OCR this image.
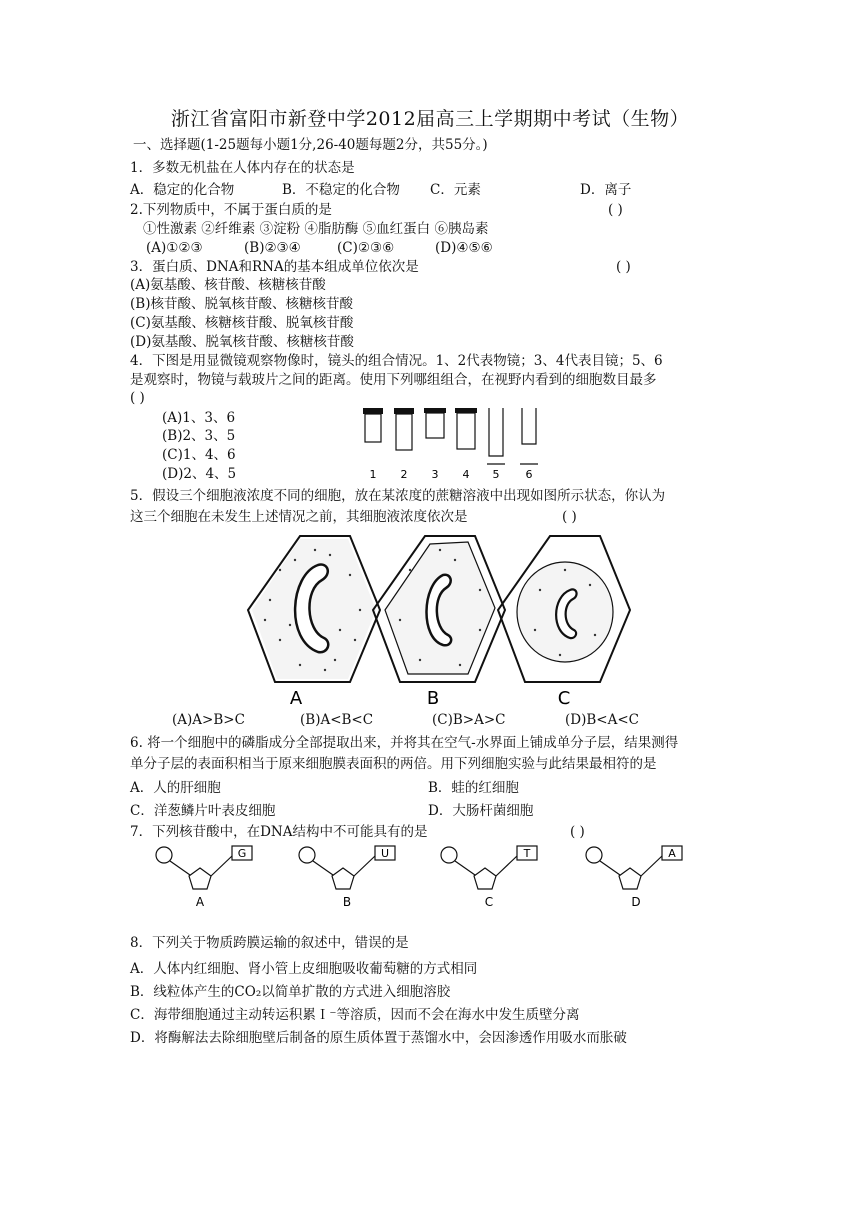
浙江省富阳市新登中学2012届高三上学期期中考试（生物）
一、选择题(1-25题每小题1分,26-40题每题2分，共55分。)
1．多数无机盐在人体内存在的状态是
A．稳定的化合物	B．不稳定的化合物 C．元素	D．离子
2.下列物质中，不属于蛋白质的是	( )
①性激素 ②纤维素 ③淀粉 ④脂肪酶 ⑤血红蛋白 ⑥胰岛素
(A)①②③	(B)②③④	(C)②③⑥	(D)④⑤⑥
3．蛋白质、DNA和RNA的基本组成单位依次是	( )
(A)氨基酸、核苷酸、核糖核苷酸
(B)核苷酸、脱氧核苷酸、核糖核苷酸
(C)氨基酸、核糖核苷酸、脱氧核苷酸
(D)氨基酸、脱氧核苷酸、核糖核苷酸
4．下图是用显微镜观察物像时，镜头的组合情况。1、2代表物镜；3、4代表目镜；5、6
是观察时，物镜与载玻片之间的距离。使用下列哪组组合，在视野内看到的细胞数目最多
( )
(A)1、3、6
(B)2、3、5
(C)1、4、6
(D)2、4、5	1 2 3 4 5 6
5．假设三个细胞液浓度不同的细胞，放在某浓度的蔗糖溶液中出现如图所示状态，你认为
这三个细胞在未发生上述情况之前，其细胞液浓度依次是	( )
A	B	C
(A)A>B>C	(B)A<B<C	(C)B>A>C	(D)B<A<C
6. 将一个细胞中的磷脂成分全部提取出来，并将其在空气-水界面上铺成单分子层，结果测得
单分子层的表面积相当于原来细胞膜表面积的两倍。用下列细胞实验与此结果最相符的是
A．人的肝细胞	B．蛙的红细胞
C．洋葱鳞片叶表皮细胞	D．大肠杆菌细胞
7．下列核苷酸中，在DNA结构中不可能具有的是	( )
G	U	T	A
A	B	C	D
8．下列关于物质跨膜运输的叙述中，错误的是
A．人体内红细胞、肾小管上皮细胞吸收葡萄糖的方式相同
B．线粒体产生的CO₂以简单扩散的方式进入细胞溶胶
C．海带细胞通过主动转运积累Ｉ⁻等溶质，因而不会在海水中发生质壁分离
D．将酶解法去除细胞壁后制备的原生质体置于蒸馏水中，会因渗透作用吸水而胀破
